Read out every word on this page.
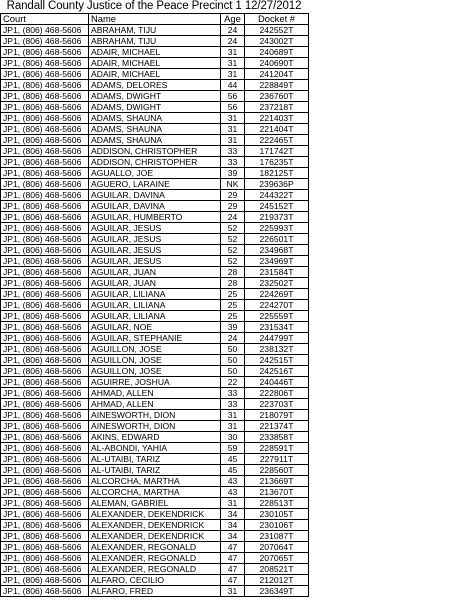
Randall County Justice of the Peace Precinct 1 12/27/2012
Court	Name	Age	Docket #
JP1, (806) 468-5606	ABRAHAM, TIJU	24	242552T
JP1, (806) 468-5606	ABRAHAM, TIJU	24	243002T
JP1, (806) 468-5606	ADAIR, MICHAEL	31	240689T
JP1, (806) 468-5606	ADAIR, MICHAEL	31	240690T
JP1, (806) 468-5606	ADAIR, MICHAEL	31	241204T
JP1, (806) 468-5606	ADAMS, DELORES	44	228849T
JP1, (806) 468-5606	ADAMS, DWIGHT	56	236760T
JP1, (806) 468-5606	ADAMS, DWIGHT	56	237218T
JP1, (806) 468-5606	ADAMS, SHAUNA	31	221403T
JP1, (806) 468-5606	ADAMS, SHAUNA	31	221404T
JP1, (806) 468-5606	ADAMS, SHAUNA	31	222465T
JP1, (806) 468-5606	ADDISON, CHRISTOPHER	33	171742T
JP1, (806) 468-5606	ADDISON, CHRISTOPHER	33	176235T
JP1, (806) 468-5606	AGUALLO, JOE	39	182125T
JP1, (806) 468-5606	AGUERO, LARAINE	NK	239636P
JP1, (806) 468-5606	AGUILAR, DAVINA	29	244322T
JP1, (806) 468-5606	AGUILAR, DAVINA	29	245152T
JP1, (806) 468-5606	AGUILAR, HUMBERTO	24	219373T
JP1, (806) 468-5606	AGUILAR, JESUS	52	225993T
JP1, (806) 468-5606	AGUILAR, JESUS	52	226501T
JP1, (806) 468-5606	AGUILAR, JESUS	52	234968T
JP1, (806) 468-5606	AGUILAR, JESUS	52	234969T
JP1, (806) 468-5606	AGUILAR, JUAN	28	231584T
JP1, (806) 468-5606	AGUILAR, JUAN	28	232502T
JP1, (806) 468-5606	AGUILAR, LILIANA	25	224269T
JP1, (806) 468-5606	AGUILAR, LILIANA	25	224270T
JP1, (806) 468-5606	AGUILAR, LILIANA	25	225559T
JP1, (806) 468-5606	AGUILAR, NOE	39	231534T
JP1, (806) 468-5606	AGUILAR, STEPHANIE	24	244799T
JP1, (806) 468-5606	AGUILLON, JOSE	50	238132T
JP1, (806) 468-5606	AGUILLON, JOSE	50	242515T
JP1, (806) 468-5606	AGUILLON, JOSE	50	242516T
JP1, (806) 468-5606	AGUIRRE, JOSHUA	22	240446T
JP1, (806) 468-5606	AHMAD, ALLEN	33	222806T
JP1, (806) 468-5606	AHMAD, ALLEN	33	223703T
JP1, (806) 468-5606	AINESWORTH, DION	31	218079T
JP1, (806) 468-5606	AINESWORTH, DION	31	221374T
JP1, (806) 468-5606	AKINS, EDWARD	30	233858T
JP1, (806) 468-5606	AL-ABONDI, YAHIA	59	228591T
JP1, (806) 468-5606	AL-UTAIBI, TARIZ	45	227911T
JP1, (806) 468-5606	AL-UTAIBI, TARIZ	45	228560T
JP1, (806) 468-5606	ALCORCHA, MARTHA	43	213669T
JP1, (806) 468-5606	ALCORCHA, MARTHA	43	213670T
JP1, (806) 468-5606	ALEMAN, GABRIEL	31	228513T
JP1, (806) 468-5606	ALEXANDER, DEKENDRICK	34	230105T
JP1, (806) 468-5606	ALEXANDER, DEKENDRICK	34	230106T
JP1, (806) 468-5606	ALEXANDER, DEKENDRICK	34	231087T
JP1, (806) 468-5606	ALEXANDER, REGONALD	47	207064T
JP1, (806) 468-5606	ALEXANDER, REGONALD	47	207065T
JP1, (806) 468-5606	ALEXANDER, REGONALD	47	208521T
JP1, (806) 468-5606	ALFARO, CECILIO	47	212012T
JP1, (806) 468-5606	ALFARO, FRED	31	236349T
